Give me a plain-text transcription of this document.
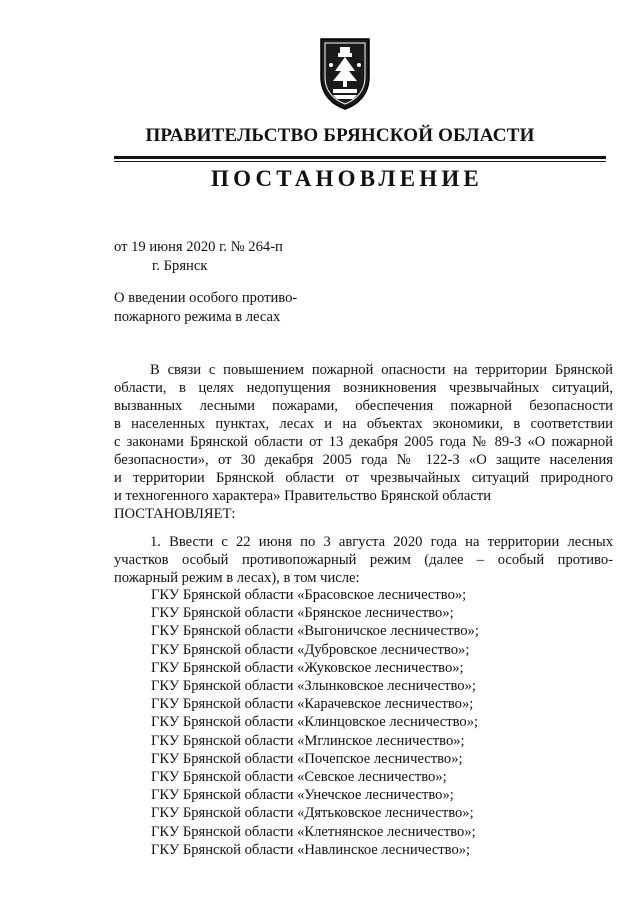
ПРАВИТЕЛЬСТВО БРЯНСКОЙ ОБЛАСТИ
ПОСТАНОВЛЕНИЕ
от 19 июня 2020 г. № 264-п
г. Брянск
О введении особого противо-
пожарного режима в лесах
В связи с повышением пожарной опасности на территории Брянской
области, в целях недопущения возникновения чрезвычайных ситуаций,
вызванных лесными пожарами, обеспечения пожарной безопасности
в населенных пунктах, лесах и на объектах экономики, в соответствии
с законами Брянской области от 13 декабря 2005 года № 89-З «О пожарной
безопасности», от 30 декабря 2005 года № 122-З «О защите населения
и территории Брянской области от чрезвычайных ситуаций природного
и техногенного характера» Правительство Брянской области
ПОСТАНОВЛЯЕТ:
1. Ввести с 22 июня по 3 августа 2020 года на территории лесных
участков особый противопожарный режим (далее – особый противо-
пожарный режим в лесах), в том числе:
ГКУ Брянской области «Брасовское лесничество»;
ГКУ Брянской области «Брянское лесничество»;
ГКУ Брянской области «Выгоничское лесничество»;
ГКУ Брянской области «Дубровское лесничество»;
ГКУ Брянской области «Жуковское лесничество»;
ГКУ Брянской области «Злынковское лесничество»;
ГКУ Брянской области «Карачевское лесничество»;
ГКУ Брянской области «Клинцовское лесничество»;
ГКУ Брянской области «Мглинское лесничество»;
ГКУ Брянской области «Почепское лесничество»;
ГКУ Брянской области «Севское лесничество»;
ГКУ Брянской области «Унечское лесничество»;
ГКУ Брянской области «Дятьковское лесничество»;
ГКУ Брянской области «Клетнянское лесничество»;
ГКУ Брянской области «Навлинское лесничество»;
